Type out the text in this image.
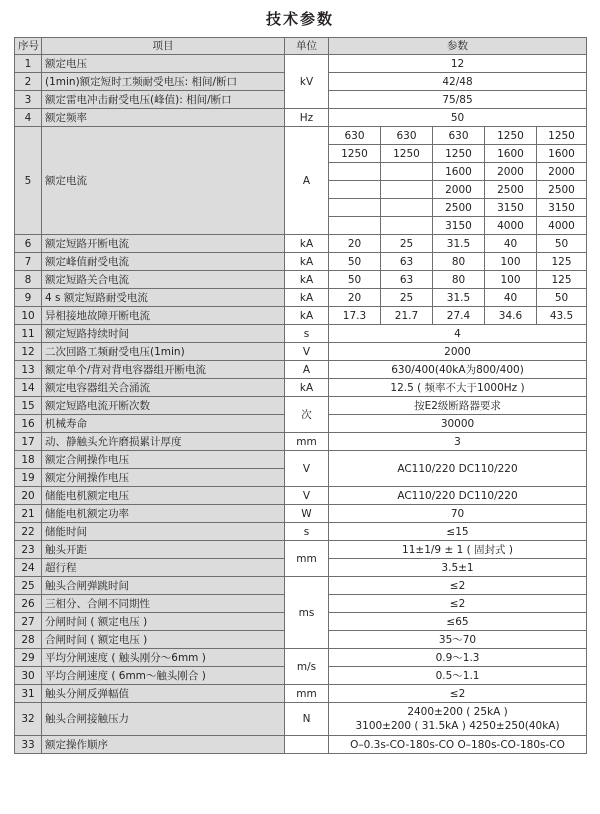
技术参数
序号	项目	单位	参数				
1	额定电压	kV	12				
2	(1min)额定短时工频耐受电压: 相间/断口		42/48				
3	额定雷电冲击耐受电压(峰值): 相间/断口		75/85				
4	额定频率	Hz	50				
5	额定电流	A	630	630	630	1250	1250
			1250	1250	1250	1600	1600
					1600	2000	2000
					2000	2500	2500
					2500	3150	3150
					3150	4000	4000
6	额定短路开断电流	kA	20	25	31.5	40	50
7	额定峰值耐受电流	kA	50	63	80	100	125
8	额定短路关合电流	kA	50	63	80	100	125
9	4 s 额定短路耐受电流	kA	20	25	31.5	40	50
10	异相接地故障开断电流	kA	17.3	21.7	27.4	34.6	43.5
11	额定短路持续时间	s	4				
12	二次回路工频耐受电压(1min)	V	2000				
13	额定单个/背对背电容器组开断电流	A	630/400(40kA为800/400)				
14	额定电容器组关合涌流	kA	12.5 ( 频率不大于1000Hz )				
15	额定短路电流开断次数	次	按E2级断路器要求				
16	机械寿命		30000				
17	动、静触头允许磨损累计厚度	mm	3				
18	额定合闸操作电压	V	AC110/220 DC110/220				
19	额定分闸操作电压						
20	储能电机额定电压	V	AC110/220 DC110/220				
21	储能电机额定功率	W	70				
22	储能时间	s	≤15				
23	触头开距	mm	11±1/9 ± 1 ( 固封式 )				
24	超行程		3.5±1				
25	触头合闸弹跳时间	ms	≤2				
26	三相分、合闸不同期性		≤2				
27	分闸时间 ( 额定电压 )		≤65				
28	合闸时间 ( 额定电压 )		35～70				
29	平均分闸速度 ( 触头刚分～6mm )	m/s	0.9～1.3				
30	平均合闸速度 ( 6mm～触头刚合 )		0.5～1.1				
31	触头分闸反弹幅值	mm	≤2				
32	触头合闸接触压力	N	2400±200 ( 25kA )
3100±200 ( 31.5kA ) 4250±250(40kA)				

33	额定操作顺序		O–0.3s-CO-180s-CO O–180s-CO-180s-CO				
